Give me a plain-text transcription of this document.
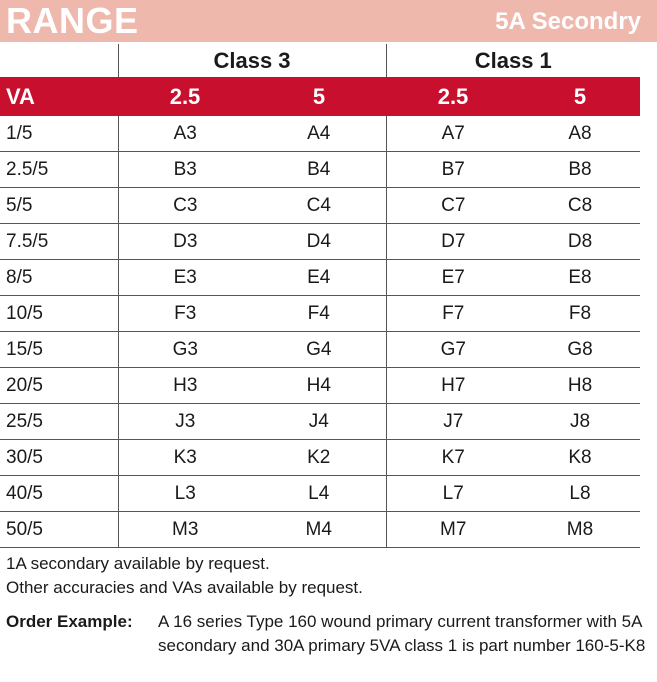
RANGE	5A Secondry
	Class 3		Class 1	
VA	2.5	5	2.5	5
1/5	A3	A4	A7	A8
2.5/5	B3	B4	B7	B8
5/5	C3	C4	C7	C8
7.5/5	D3	D4	D7	D8
8/5	E3	E4	E7	E8
10/5	F3	F4	F7	F8
15/5	G3	G4	G7	G8
20/5	H3	H4	H7	H8
25/5	J3	J4	J7	J8
30/5	K3	K2	K7	K8
40/5	L3	L4	L7	L8
50/5	M3	M4	M7	M8
1A secondary available by request.
Other accuracies and VAs available by request.
Order Example: A 16 series Type 160 wound primary current transformer with 5A secondary and 30A primary 5VA class 1 is part number 160-5-K8
